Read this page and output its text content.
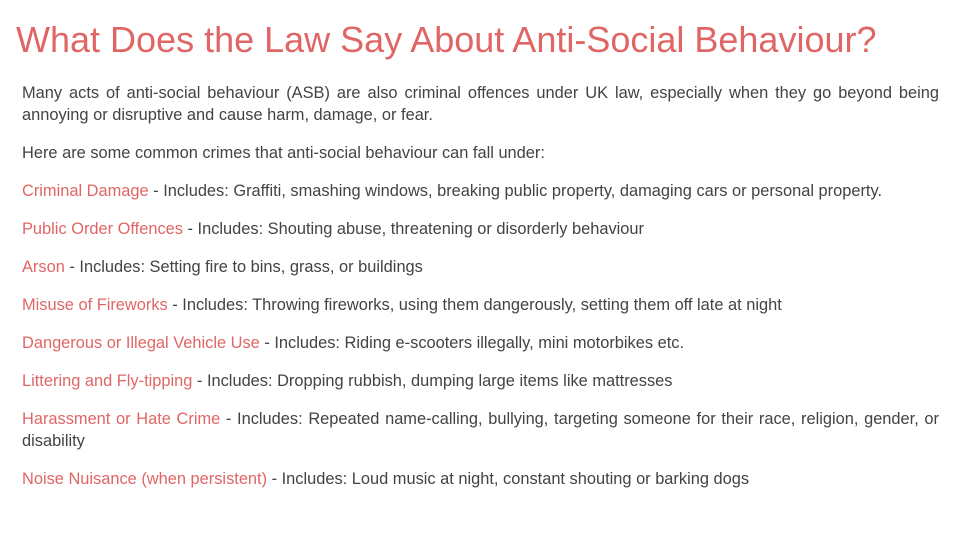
What Does the Law Say About Anti-Social Behaviour?

Many acts of anti-social behaviour (ASB) are also criminal offences under UK law, especially when they go beyond being annoying or disruptive and cause harm, damage, or fear.

Here are some common crimes that anti-social behaviour can fall under:

Criminal Damage - Includes: Graffiti, smashing windows, breaking public property, damaging cars or personal property.

Public Order Offences - Includes: Shouting abuse, threatening or disorderly behaviour

Arson - Includes: Setting fire to bins, grass, or buildings

Misuse of Fireworks - Includes: Throwing fireworks, using them dangerously, setting them off late at night

Dangerous or Illegal Vehicle Use - Includes: Riding e-scooters illegally, mini motorbikes etc.

Littering and Fly-tipping - Includes: Dropping rubbish, dumping large items like mattresses

Harassment or Hate Crime - Includes: Repeated name-calling, bullying, targeting someone for their race, religion, gender, or disability

Noise Nuisance (when persistent) - Includes: Loud music at night, constant shouting or barking dogs
